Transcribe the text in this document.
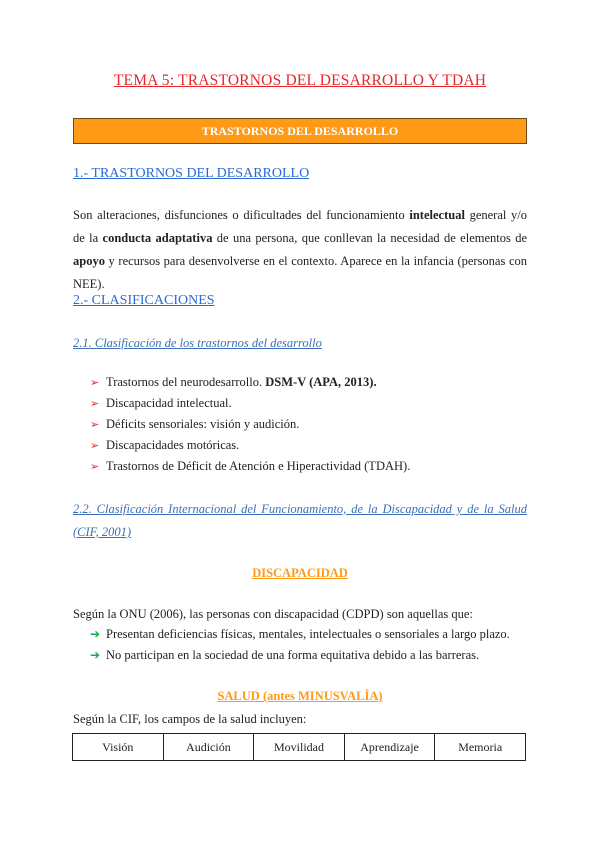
TEMA 5: TRASTORNOS DEL DESARROLLO Y TDAH
TRASTORNOS DEL DESARROLLO
1.- TRASTORNOS DEL DESARROLLO
Son alteraciones, disfunciones o dificultades del funcionamiento intelectual general y/o de la conducta adaptativa de una persona, que conllevan la necesidad de elementos de apoyo y recursos para desenvolverse en el contexto. Aparece en la infancia (personas con NEE).
2.- CLASIFICACIONES
2.1. Clasificación de los trastornos del desarrollo
➢ Trastornos del neurodesarrollo. DSM-V (APA, 2013).
➢ Discapacidad intelectual.
➢ Déficits sensoriales: visión y audición.
➢ Discapacidades motóricas.
➢ Trastornos de Déficit de Atención e Hiperactividad (TDAH).
2.2. Clasificación Internacional del Funcionamiento, de la Discapacidad y de la Salud
(CIF, 2001)
DISCAPACIDAD
Según la ONU (2006), las personas con discapacidad (CDPD) son aquellas que:
➔ Presentan deficiencias físicas, mentales, intelectuales o sensoriales a largo plazo.
➔ No participan en la sociedad de una forma equitativa debido a las barreras.
SALUD (antes MINUSVALÍA)
Según la CIF, los campos de la salud incluyen:
Visión	Audición	Movilidad	Aprendizaje	Memoria
